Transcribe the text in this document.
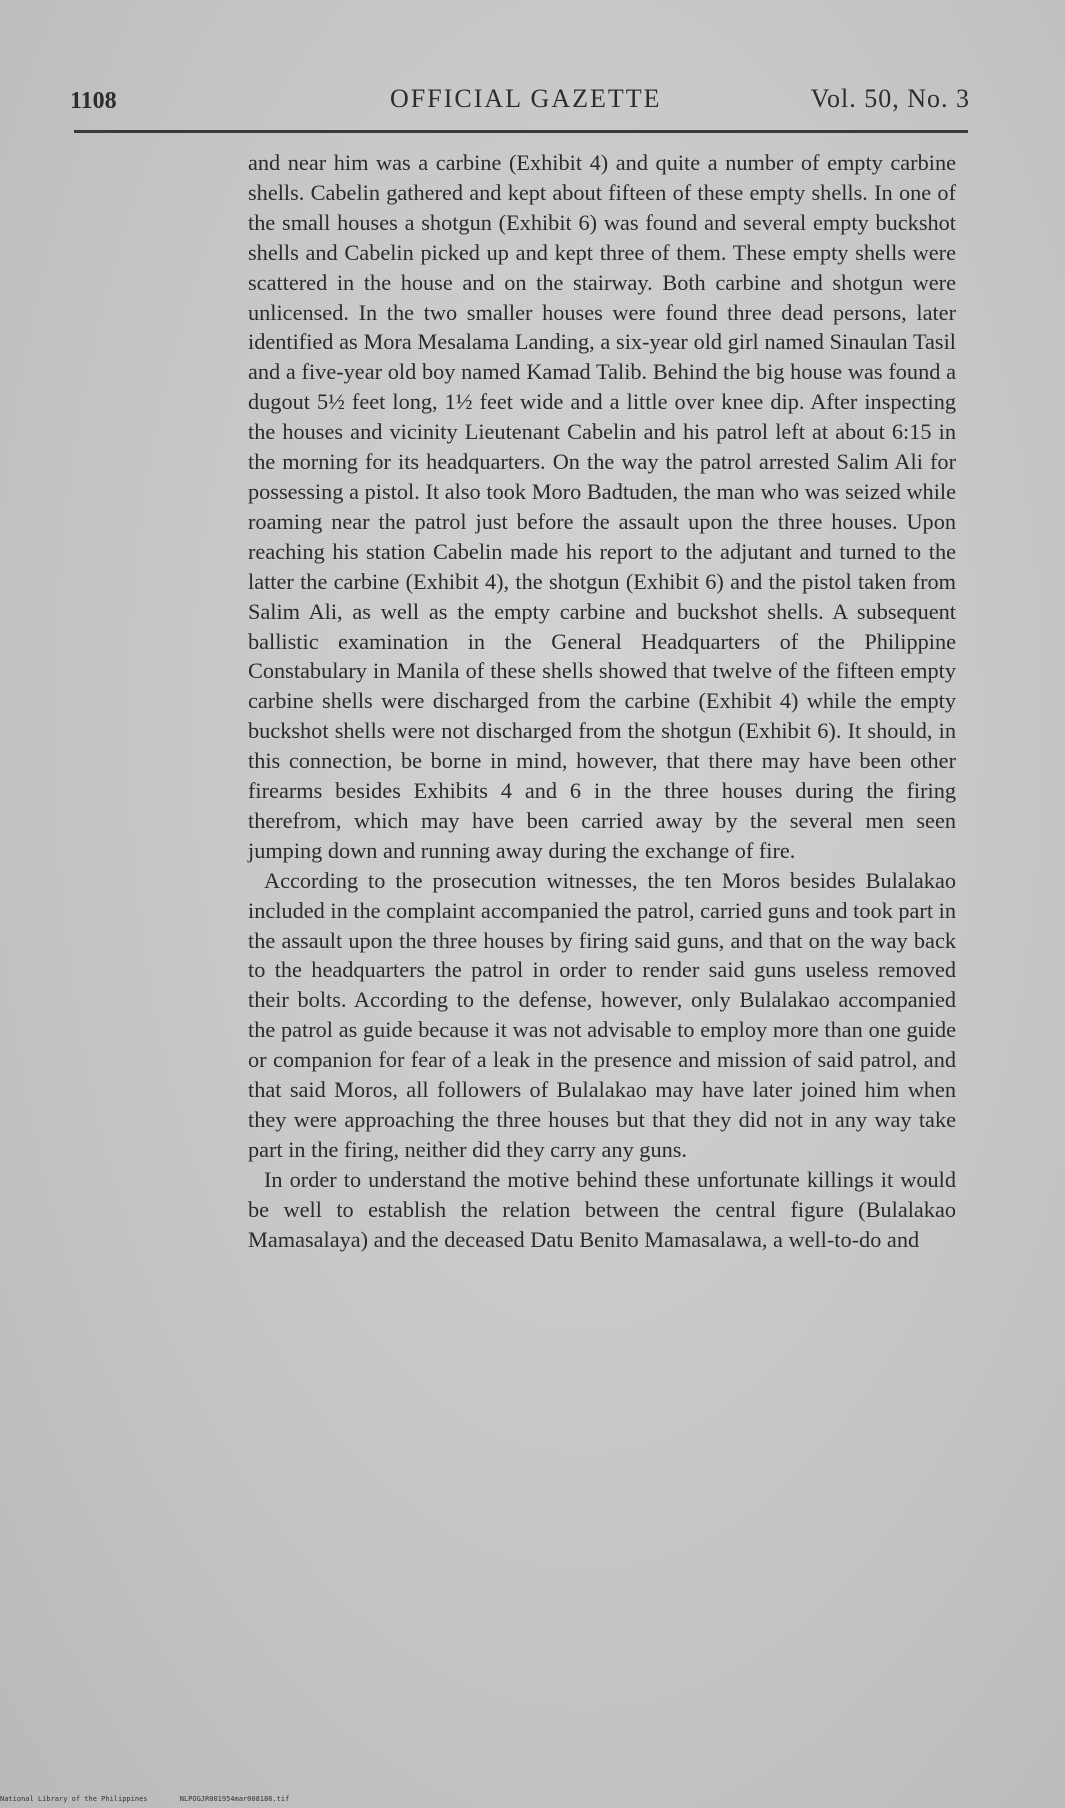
1108	OFFICIAL GAZETTE	Vol. 50, No. 3

and near him was a carbine (Exhibit 4) and quite a number of empty carbine shells. Cabelin gathered and kept about fifteen of these empty shells. In one of the small houses a shotgun (Exhibit 6) was found and several empty buckshot shells and Cabelin picked up and kept three of them. These empty shells were scattered in the house and on the stairway. Both carbine and shotgun were unlicensed. In the two smaller houses were found three dead persons, later identified as Mora Mesalama Landing, a six-year old girl named Sinaulan Tasil and a five-year old boy named Kamad Talib. Behind the big house was found a dugout 5½ feet long, 1½ feet wide and a little over knee dip. After inspecting the houses and vicinity Lieutenant Cabelin and his patrol left at about 6:15 in the morning for its headquarters. On the way the patrol arrested Salim Ali for possessing a pistol. It also took Moro Badtuden, the man who was seized while roaming near the patrol just before the assault upon the three houses. Upon reaching his station Cabelin made his report to the adjutant and turned to the latter the carbine (Exhibit 4), the shotgun (Exhibit 6) and the pistol taken from Salim Ali, as well as the empty carbine and buckshot shells. A subsequent ballistic examination in the General Headquarters of the Philippine Constabulary in Manila of these shells showed that twelve of the fifteen empty carbine shells were discharged from the carbine (Exhibit 4) while the empty buckshot shells were not discharged from the shotgun (Exhibit 6). It should, in this connection, be borne in mind, however, that there may have been other firearms besides Exhibits 4 and 6 in the three houses during the firing therefrom, which may have been carried away by the several men seen jumping down and running away during the exchange of fire.

According to the prosecution witnesses, the ten Moros besides Bulalakao included in the complaint accompanied the patrol, carried guns and took part in the assault upon the three houses by firing said guns, and that on the way back to the headquarters the patrol in order to render said guns useless removed their bolts. According to the defense, however, only Bulalakao accompanied the patrol as guide because it was not advisable to employ more than one guide or companion for fear of a leak in the presence and mission of said patrol, and that said Moros, all followers of Bulalakao may have later joined him when they were approaching the three houses but that they did not in any way take part in the firing, neither did they carry any guns.

In order to understand the motive behind these unfortunate killings it would be well to establish the relation between the central figure (Bulalakao Mamasalaya) and the deceased Datu Benito Mamasalawa, a well-to-do and

National Library of the Philippines	NLPOGJR001954mar008186.tif
